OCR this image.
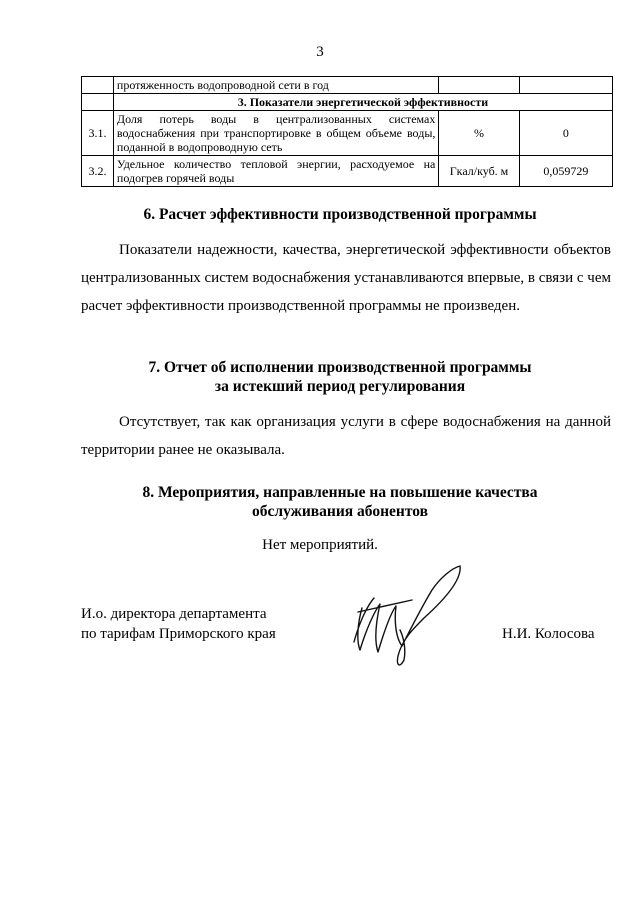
3
	протяженность водопроводной сети в год		
	3. Показатели энергетической эффективности		
3.1.	Доля потерь воды в централизованных системах водоснабжения при транспортировке в общем объеме воды, поданной в водопроводную сеть	%	0
3.2.	Удельное количество тепловой энергии, расходуемое на подогрев горячей воды	Гкал/куб. м	0,059729
6. Расчет эффективности производственной программы

Показатели надежности, качества, энергетической эффективности объектов централизованных систем водоснабжения устанавливаются впервые, в связи с чем расчет эффективности производственной программы не произведен.

7. Отчет об исполнении производственной программы
за истекший период регулирования

Отсутствует, так как организация услуги в сфере водоснабжения на данной территории ранее не оказывала.

8. Мероприятия, направленные на повышение качества
обслуживания абонентов
Нет мероприятий.
И.о. директора департамента
по тарифам Приморского края	Н.И. Колосова
